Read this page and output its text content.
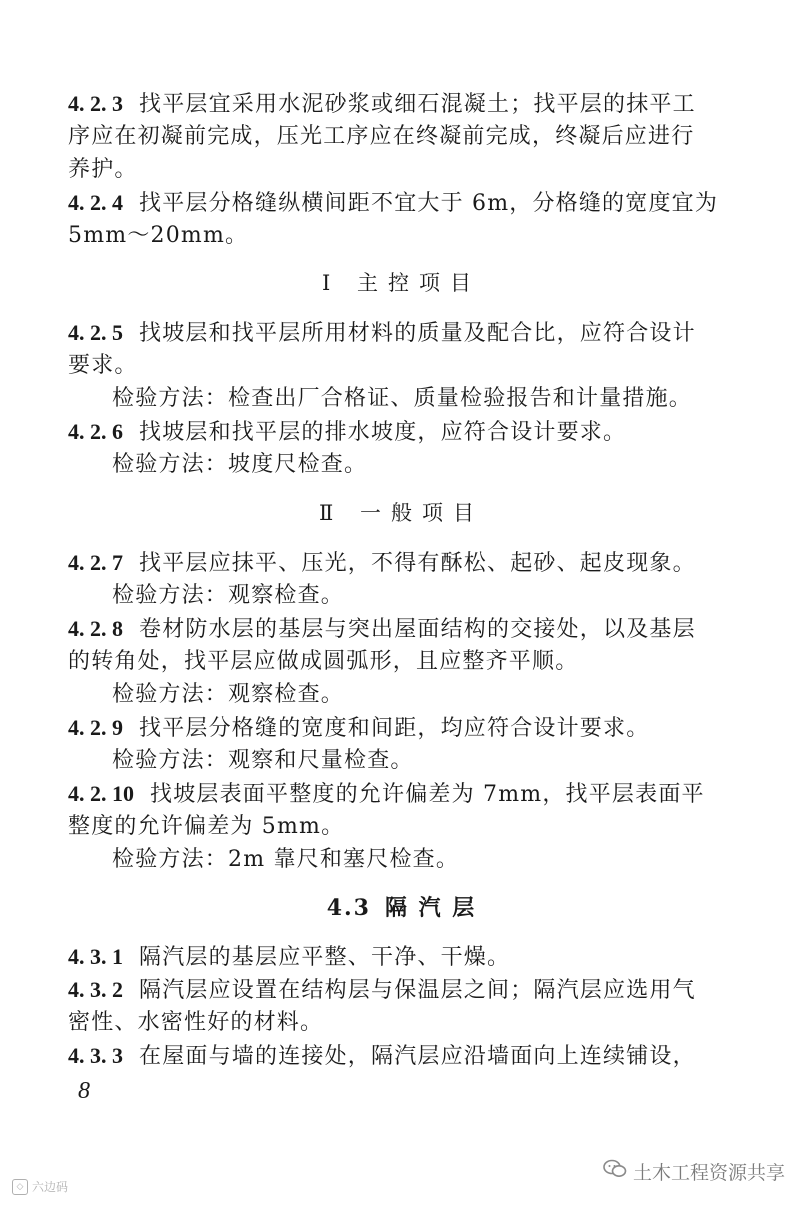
4. 2. 3 找平层宜采用水泥砂浆或细石混凝土；找平层的抹平工
序应在初凝前完成，压光工序应在终凝前完成，终凝后应进行
养护。
4. 2. 4 找平层分格缝纵横间距不宜大于 6m，分格缝的宽度宜为
5mm～20mm。
Ⅰ 主控项目
4. 2. 5 找坡层和找平层所用材料的质量及配合比，应符合设计
要求。
检验方法：检查出厂合格证、质量检验报告和计量措施。
4. 2. 6 找坡层和找平层的排水坡度，应符合设计要求。
检验方法：坡度尺检查。
Ⅱ 一般项目
4. 2. 7 找平层应抹平、压光，不得有酥松、起砂、起皮现象。
检验方法：观察检查。
4. 2. 8 卷材防水层的基层与突出屋面结构的交接处，以及基层
的转角处，找平层应做成圆弧形，且应整齐平顺。
检验方法：观察检查。
4. 2. 9 找平层分格缝的宽度和间距，均应符合设计要求。
检验方法：观察和尺量检查。
4. 2. 10 找坡层表面平整度的允许偏差为 7mm，找平层表面平
整度的允许偏差为 5mm。
检验方法：2m 靠尺和塞尺检查。
4.3 隔 汽 层
4. 3. 1 隔汽层的基层应平整、干净、干燥。
4. 3. 2 隔汽层应设置在结构层与保温层之间；隔汽层应选用气
密性、水密性好的材料。
4. 3. 3 在屋面与墙的连接处，隔汽层应沿墙面向上连续铺设，
8
土木工程资源共享
◇ 六边码
